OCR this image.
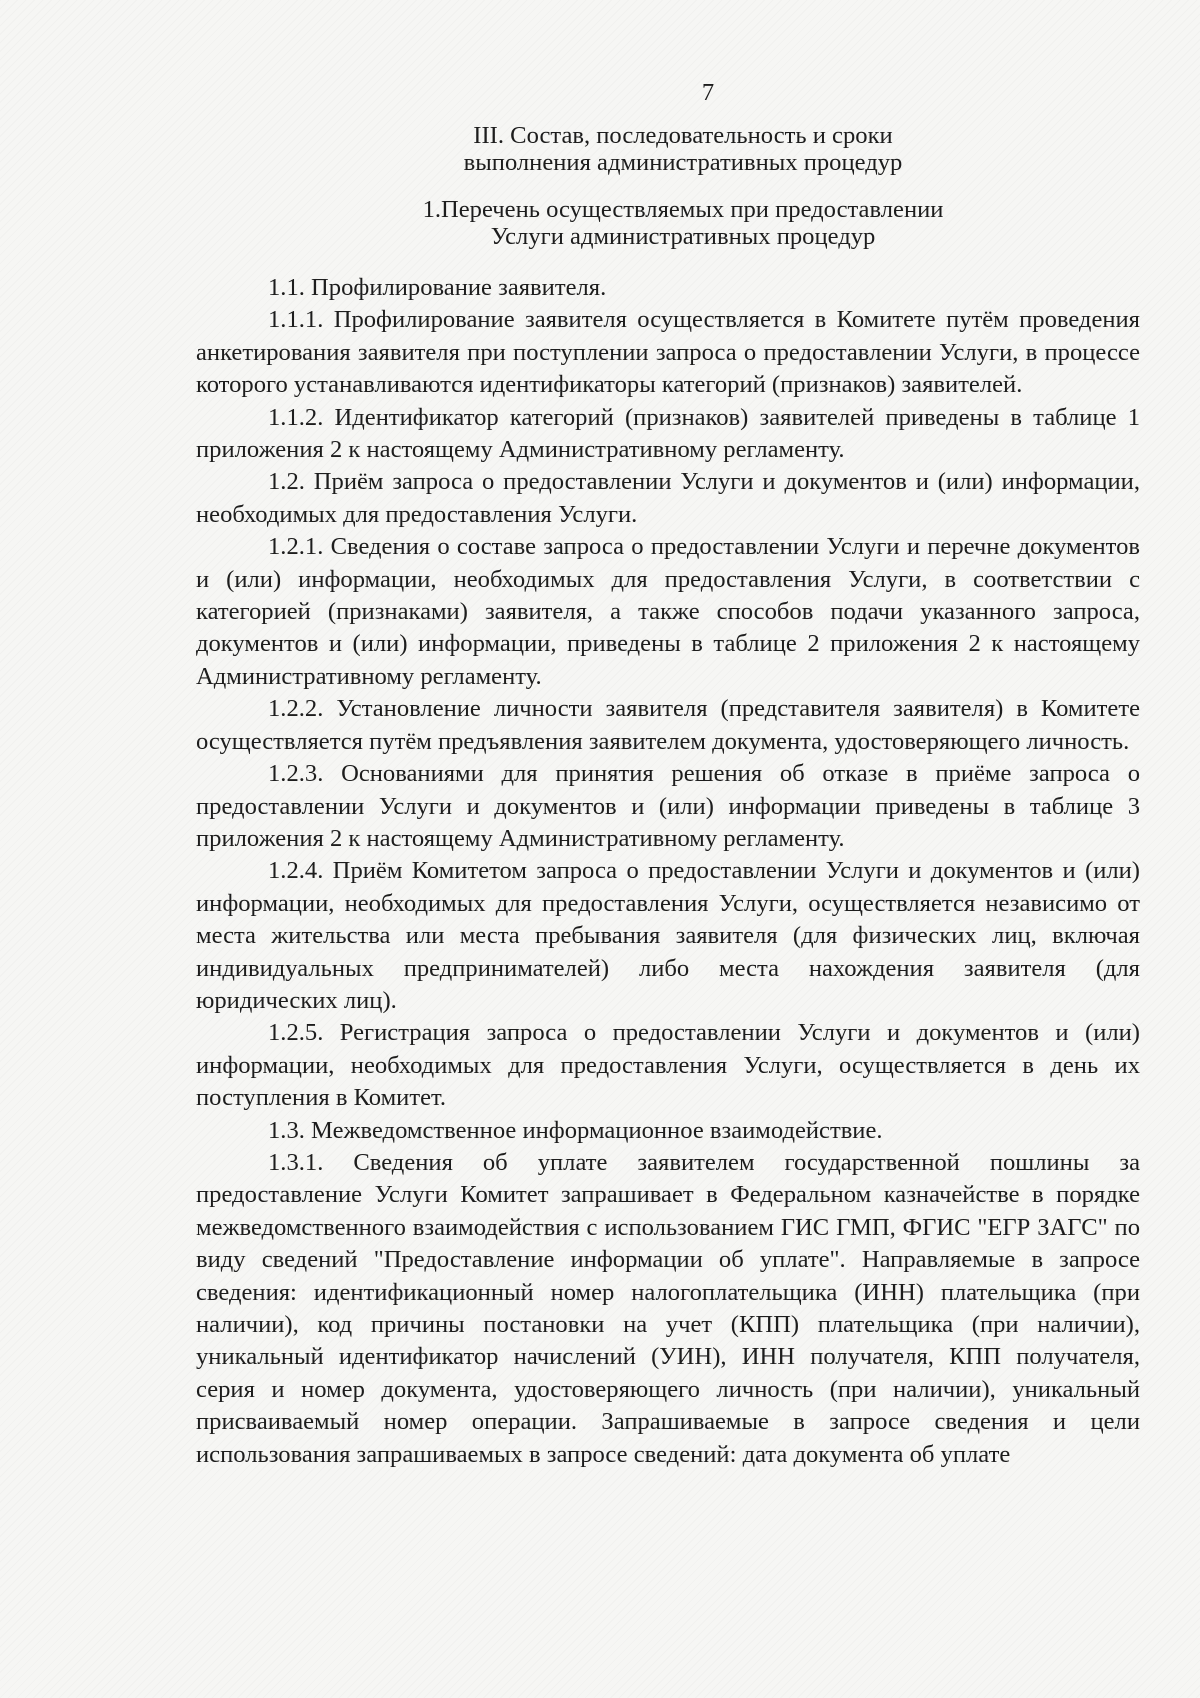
7
III. Состав, последовательность и сроки
выполнения административных процедур
1.Перечень осуществляемых при предоставлении
Услуги административных процедур

1.1. Профилирование заявителя.

1.1.1. Профилирование заявителя осуществляется в Комитете путём проведения анкетирования заявителя при поступлении запроса о предоставлении Услуги, в процессе которого устанавливаются идентификаторы категорий (признаков) заявителей.

1.1.2. Идентификатор категорий (признаков) заявителей приведены в таблице 1 приложения 2 к настоящему Административному регламенту.

1.2. Приём запроса о предоставлении Услуги и документов и (или) информации, необходимых для предоставления Услуги.

1.2.1. Сведения о составе запроса о предоставлении Услуги и перечне документов и (или) информации, необходимых для предоставления Услуги, в соответствии с категорией (признаками) заявителя, а также способов подачи указанного запроса, документов и (или) информации, приведены в таблице 2 приложения 2 к настоящему Административному регламенту.

1.2.2. Установление личности заявителя (представителя заявителя) в Комитете осуществляется путём предъявления заявителем документа, удостоверяющего личность.

1.2.3. Основаниями для принятия решения об отказе в приёме запроса о предоставлении Услуги и документов и (или) информации приведены в таблице 3 приложения 2 к настоящему Административному регламенту.

1.2.4. Приём Комитетом запроса о предоставлении Услуги и документов и (или) информации, необходимых для предоставления Услуги, осуществляется независимо от места жительства или места пребывания заявителя (для физических лиц, включая индивидуальных предпринимателей) либо места нахождения заявителя (для юридических лиц).

1.2.5. Регистрация запроса о предоставлении Услуги и документов и (или) информации, необходимых для предоставления Услуги, осуществляется в день их поступления в Комитет.

1.3. Межведомственное информационное взаимодействие.

1.3.1. Сведения об уплате заявителем государственной пошлины за предоставление Услуги Комитет запрашивает в Федеральном казначействе в порядке межведомственного взаимодействия с использованием ГИС ГМП, ФГИС "ЕГР ЗАГС" по виду сведений "Предоставление информации об уплате". Направляемые в запросе сведения: идентификационный номер налогоплательщика (ИНН) плательщика (при наличии), код причины постановки на учет (КПП) плательщика (при наличии), уникальный идентификатор начислений (УИН), ИНН получателя, КПП получателя, серия и номер документа, удостоверяющего личность (при наличии), уникальный присваиваемый номер операции. Запрашиваемые в запросе сведения и цели использования запрашиваемых в запросе сведений: дата документа об уплате
